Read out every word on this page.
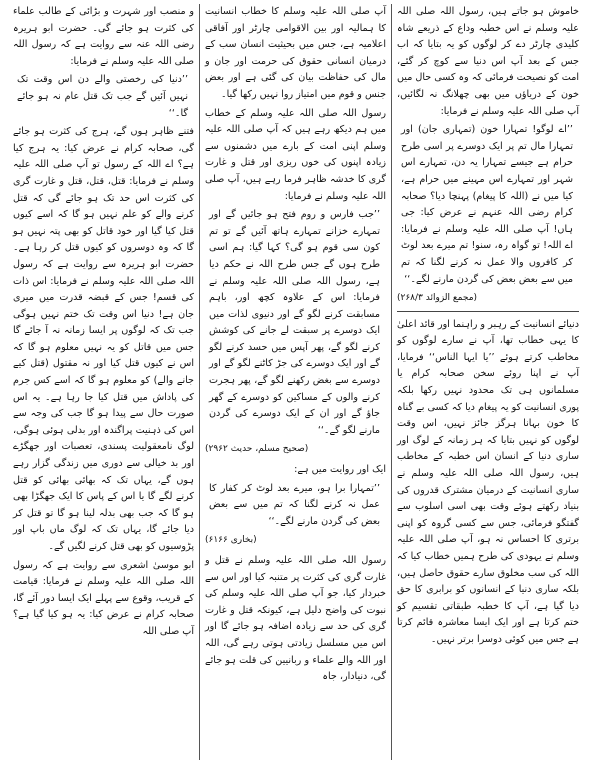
خاموش ہو جاتے ہیں، رسول اللہ صلی اللہ علیہ وسلم نے اس خطبہ وداع کے ذریعے شاہ کلیدی چارٹر دے کر لوگوں کو یہ بتایا کہ اب جس کے بعد آپ اس دنیا سے کوچ کر گئے، امت کو نصیحت فرمائی کہ وہ کسی حال میں خون کے دریاؤں میں بھی چھلانگ نہ لگائیں، آپ صلی اللہ علیہ وسلم نے فرمایا:

’’اے لوگو! تمہارا خون (تمہاری جان) اور تمہارا مال تم پر ایک دوسرے پر اسی طرح حرام ہے جیسے تمہارا یہ دن، تمہارے اس شہر اور تمہارے اس مہینے میں حرام ہے، کیا میں نے (اللہ کا پیغام) پہنچا دیا؟ صحابہ کرام رضی اللہ عنہم نے عرض کیا: جی ہاں! آپ صلی اللہ علیہ وسلم نے فرمایا: اے اللہ! تو گواہ رہ، سنو! تم میرے بعد لوٹ کر کافروں والا عمل نہ کرنے لگنا کہ تم میں سے بعض بعض کی گردن مارنے لگے۔‘‘

(مجمع الزوائد ۲۶۸/۳)

دنیائے انسانیت کے رہبر و راہنما اور قائد اعلیٰ کا یہی خطاب تھا، آپ نے سارے لوگوں کو مخاطب کرتے ہوئے ’’یا ایہا الناس‘‘ فرمایا، آپ نے اپنا روئے سخن صحابہ کرام یا مسلمانوں ہی تک محدود نہیں رکھا بلکہ پوری انسانیت کو یہ پیغام دیا کہ کسی بے گناہ کا خون بہانا ہرگز جائز نہیں، اس وقت لوگوں کو نہیں بتایا کہ ہر زمانہ کے لوگ اور ساری دنیا کے انسان اس خطبہ کے مخاطب ہیں، رسول اللہ صلی اللہ علیہ وسلم نے ساری انسانیت کے درمیان مشترک قدروں کی بنیاد رکھتے ہوئے وقت بھی اسی اسلوب سے گفتگو فرمائی، جس سے کسی گروہ کو اپنی برتری کا احساس نہ ہو، آپ صلی اللہ علیہ وسلم نے یہودی کی طرح ہمیں خطاب کیا کہ اللہ کی سب مخلوق سارے حقوق حاصل ہیں، بلکہ ساری دنیا کے انسانوں کو برابری کا حق دیا گیا ہے، آپ کا خطبہ طبقاتی تقسیم کو ختم کرتا ہے اور ایک ایسا معاشرہ قائم کرتا ہے جس میں کوئی دوسرا برتر نہیں۔

آپ صلی اللہ علیہ وسلم کا خطاب انسانیت کا ہمالیہ اور بین الاقوامی چارٹر اور آفاقی اعلامیہ ہے، جس میں بحیثیت انسان سب کے درمیان انسانی حقوق کی حرمت اور جان و مال کی حفاظت بیان کی گئی ہے اور بعض جنس و قوم میں امتیاز روا نہیں رکھا گیا۔

رسول اللہ صلی اللہ علیہ وسلم کے خطاب میں ہم دیکھ رہے ہیں کہ آپ صلی اللہ علیہ وسلم اپنی امت کے بارے میں دشمنوں سے زیادہ اپنوں کی خوں ریزی اور قتل و غارت گری کا خدشہ ظاہر فرما رہے ہیں، آپ صلی اللہ علیہ وسلم نے فرمایا:

’’جب فارس و روم فتح ہو جائیں گے اور تمہارے خزانے تمہارے ہاتھ آئیں گے تو تم کون سی قوم ہو گی؟ کہا گیا: ہم اسی طرح ہوں گے جس طرح اللہ نے حکم دیا ہے، رسول اللہ صلی اللہ علیہ وسلم نے فرمایا: اس کے علاوہ کچھ اور، باہم مسابقت کرنے لگو گے اور دنیوی لذات میں ایک دوسرے پر سبقت لے جانے کی کوشش کرنے لگو گے، پھر آپس میں حسد کرنے لگو گے اور ایک دوسرے کی جڑ کاٹنے لگو گے اور دوسرے سے بغض رکھنے لگو گے، پھر ہجرت کرنے والوں کے مساکین کو دوسرے کے گھر جاؤ گے اور ان کے ایک دوسرے کی گردن مارنے لگو گے۔‘‘

(صحیح مسلم، حدیث ۲۹۶۲)

ایک اور روایت میں ہے:

’’تمہارا برا ہو، میرے بعد لوٹ کر کفار کا عمل نہ کرنے لگنا کہ تم میں سے بعض بعض کی گردن مارنے لگے۔‘‘

(بخاری ۶۱۶۶)

رسول اللہ صلی اللہ علیہ وسلم نے قتل و غارت گری کی کثرت پر متنبہ کیا اور اس سے خبردار کیا، جو آپ صلی اللہ علیہ وسلم کی نبوت کی واضح دلیل ہے، کیونکہ قتل و غارت گری کی حد سے زیادہ اضافہ ہو جائے گا اور اس میں مسلسل زیادتی ہوتی رہے گی، اللہ اور اللہ والے علماء و ربانیین کی قلت ہو جائے گی، دنیادار، جاہ

و منصب اور شہرت و بڑائی کے طالب علماء کی کثرت ہو جائے گی۔ حضرت ابو ہریرہ رضی اللہ عنہ سے روایت ہے کہ رسول اللہ صلی اللہ علیہ وسلم نے فرمایا:

’’دنیا کی رخصتی والے دن اس وقت تک نہیں آئیں گے جب تک قتل عام نہ ہو جائے گا۔‘‘

فتنے ظاہر ہوں گے، ہرج کی کثرت ہو جائے گی، صحابہ کرام نے عرض کیا: یہ ہرج کیا ہے؟ اے اللہ کے رسول تو آپ صلی اللہ علیہ وسلم نے فرمایا: قتل، قتل، قتل و غارت گری کی کثرت اس حد تک ہو جائے گی کہ قتل کرنے والے کو علم نہیں ہو گا کہ اسے کیوں قتل کیا گیا اور خود قاتل کو بھی پتہ نہیں ہو گا کہ وہ دوسروں کو کیوں قتل کر رہا ہے۔ حضرت ابو ہریرہ سے روایت ہے کہ رسول اللہ صلی اللہ علیہ وسلم نے فرمایا: اس ذات کی قسم! جس کے قبضہ قدرت میں میری جان ہے! دنیا اس وقت تک ختم نہیں ہوگی جب تک کہ لوگوں پر ایسا زمانہ نہ آ جائے گا جس میں قاتل کو یہ نہیں معلوم ہو گا کہ اس نے کیوں قتل کیا اور نہ مقتول (قتل کیے جانے والے) کو معلوم ہو گا کہ اسے کس جرم کی پاداش میں قتل کیا جا رہا ہے۔ یہ اس صورت حال سے پیدا ہو گا جب کی وجہ سے اس کی ذہنیت پراگندہ اور بدلی ہوئی ہوگی، لوگ نامعقولیت پسندی، تعصبات اور جھگڑے اور بد خیالی سے دوری میں زندگی گزار رہے ہوں گے، یہاں تک کہ بھائی بھائی کو قتل کرنے لگے گا یا اس کے پاس کا ایک جھگڑا بھی ہو گا کہ جب بھی بدلہ لینا ہو گا تو قتل کر دیا جائے گا، یہاں تک کہ لوگ ماں باپ اور پڑوسیوں کو بھی قتل کرنے لگیں گے۔

ابو موسیٰ اشعری سے روایت ہے کہ رسول اللہ صلی اللہ علیہ وسلم نے فرمایا: قیامت کے قریب، وقوع سے پہلے ایک ایسا دور آئے گا، صحابہ کرام نے عرض کیا: یہ ہو کیا گیا ہے؟ آپ صلی اللہ
